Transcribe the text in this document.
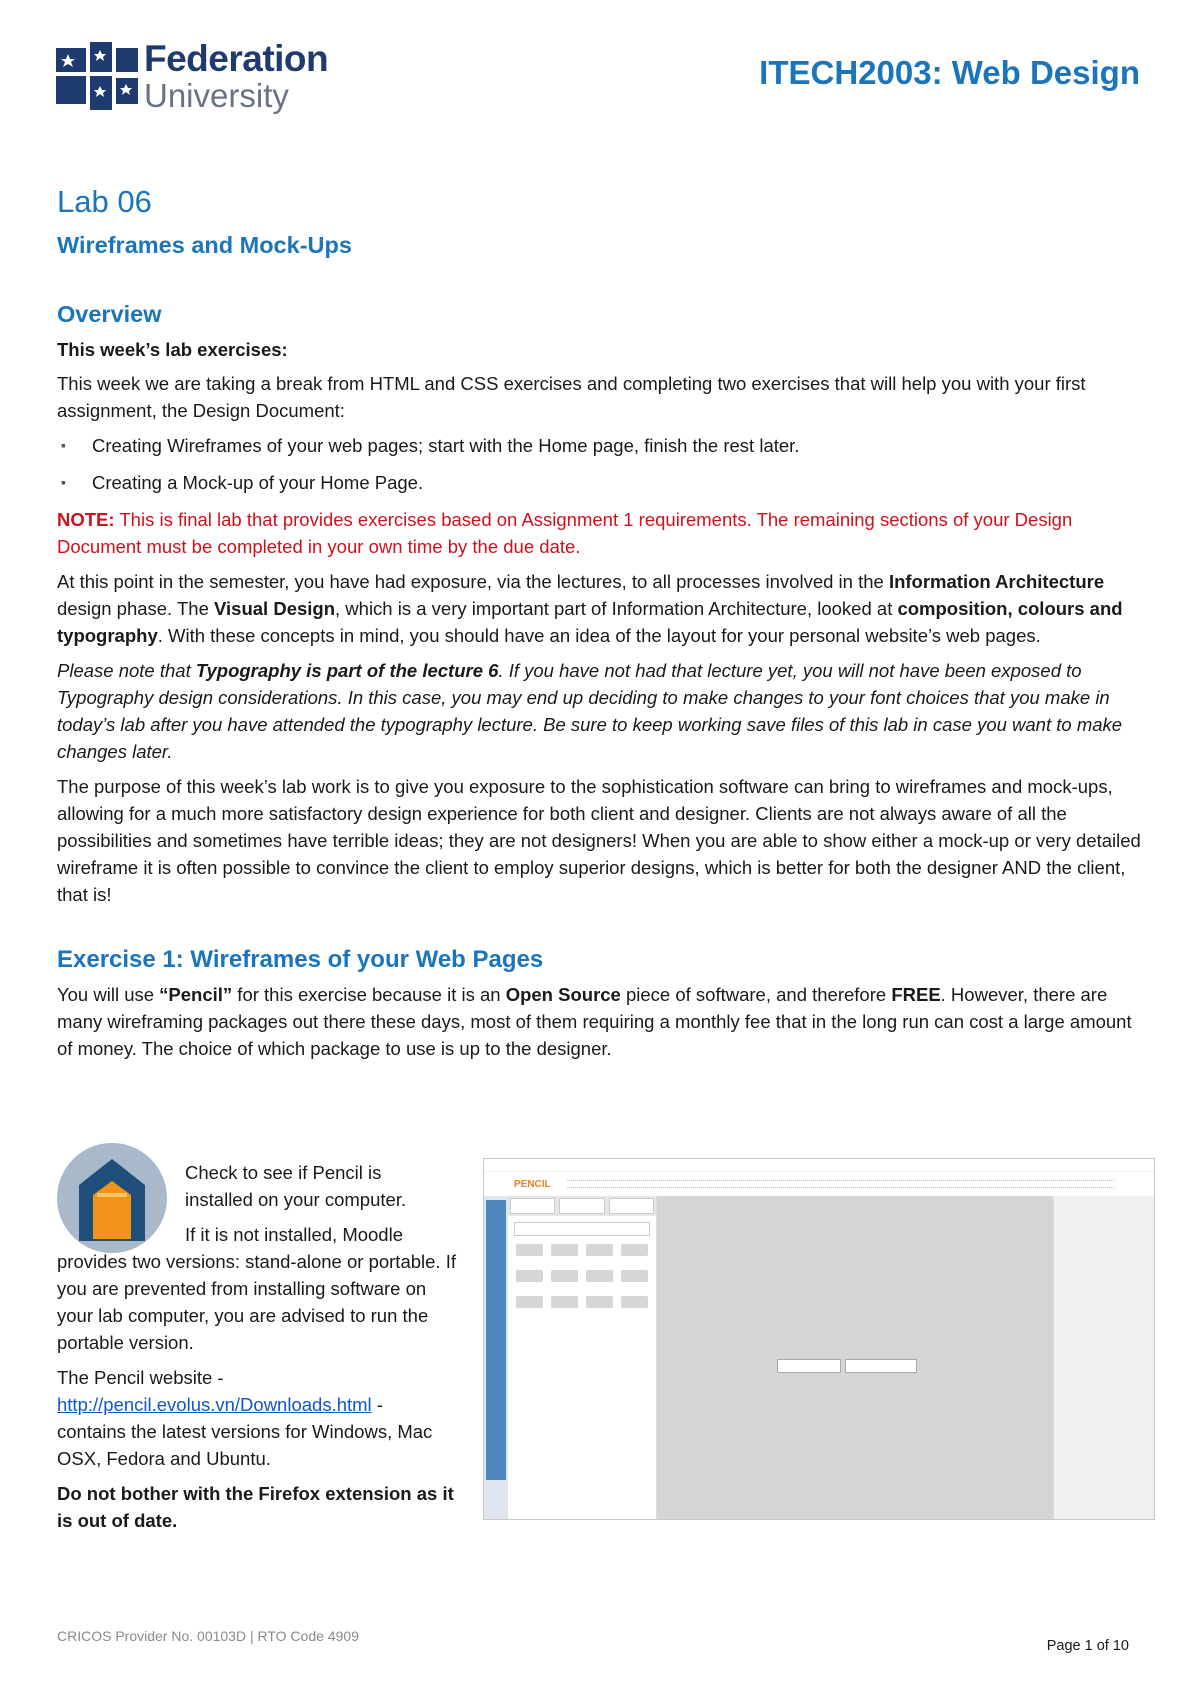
Federation
University
ITECH2003: Web Design
Lab 06
Wireframes and Mock-Ups
Overview

This week’s lab exercises:

This week we are taking a break from HTML and CSS exercises and completing two exercises that will help you with your first assignment, the Design Document:

▪ Creating Wireframes of your web pages; start with the Home page, finish the rest later.
▪ Creating a Mock-up of your Home Page.

NOTE: This is final lab that provides exercises based on Assignment 1 requirements. The remaining sections of your Design Document must be completed in your own time by the due date.

At this point in the semester, you have had exposure, via the lectures, to all processes involved in the Information Architecture design phase. The Visual Design, which is a very important part of Information Architecture, looked at composition, colours and typography. With these concepts in mind, you should have an idea of the layout for your personal website’s web pages.

Please note that Typography is part of the lecture 6. If you have not had that lecture yet, you will not have been exposed to Typography design considerations. In this case, you may end up deciding to make changes to your font choices that you make in today’s lab after you have attended the typography lecture. Be sure to keep working save files of this lab in case you want to make changes later.

The purpose of this week’s lab work is to give you exposure to the sophistication software can bring to wireframes and mock-ups, allowing for a much more satisfactory design experience for both client and designer. Clients are not always aware of all the possibilities and sometimes have terrible ideas; they are not designers! When you are able to show either a mock-up or very detailed wireframe it is often possible to convince the client to employ superior designs, which is better for both the designer AND the client, that is!

Exercise 1: Wireframes of your Web Pages

You will use “Pencil” for this exercise because it is an Open Source piece of software, and therefore FREE. However, there are many wireframing packages out there these days, most of them requiring a monthly fee that in the long run can cost a large amount of money. The choice of which package to use is up to the designer.

Check to see if Pencil is
installed on your computer.
If it is not installed, Moodle

provides two versions: stand-alone or portable. If you are prevented from installing software on your lab computer, you are advised to run the portable version.

The Pencil website -
http://pencil.evolus.vn/Downloads.html -

contains the latest versions for Windows, Mac OSX, Fedora and Ubuntu.

Do not bother with the Firefox extension as it is out of date.

PENCIL
CRICOS Provider No. 00103D | RTO Code 4909
Page 1 of 10
